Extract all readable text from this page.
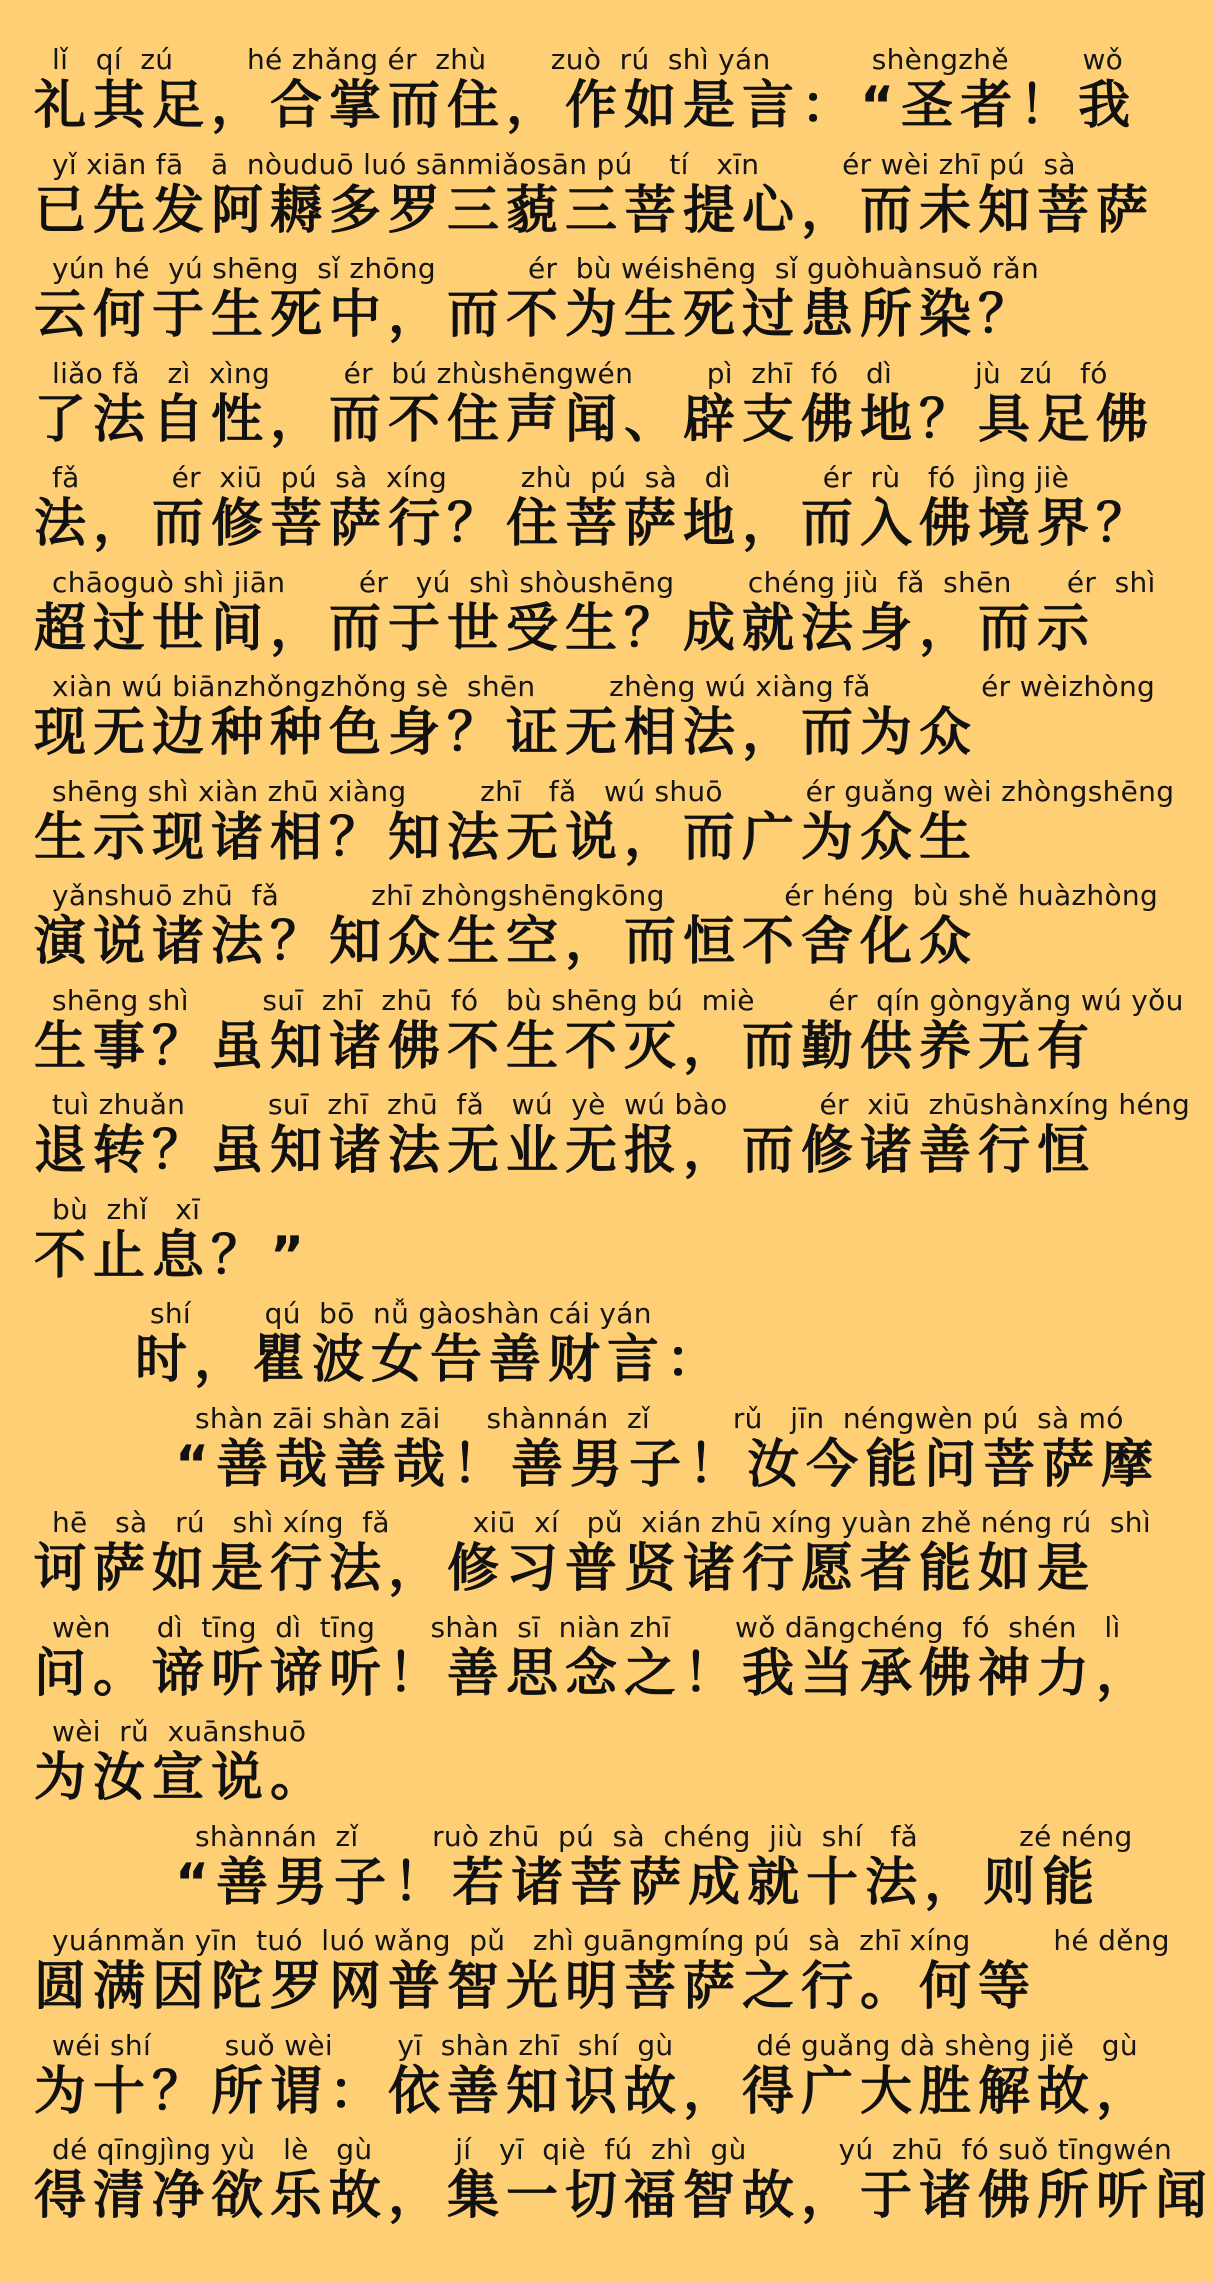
lǐ   qí  zú        hé zhǎng ér  zhù       zuò  rú  shì yán           shèngzhě        wǒ
礼其足，合掌而住，作如是言：“圣者！我
yǐ xiān fā   ā  nòuduō luó sānmiǎosān pú    tí   xīn         ér wèi zhī pú  sà
已先发阿耨多罗三藐三菩提心，而未知菩萨
yún hé  yú shēng  sǐ zhōng          ér  bù wéishēng  sǐ guòhuànsuǒ rǎn
云何于生死中，而不为生死过患所染？
liǎo fǎ   zì  xìng        ér  bú zhùshēngwén        pì  zhī  fó   dì         jù  zú   fó
了法自性，而不住声闻、辟支佛地？具足佛
fǎ          ér  xiū  pú  sà  xíng        zhù  pú  sà   dì          ér  rù   fó  jìng jiè
法，而修菩萨行？住菩萨地，而入佛境界？
chāoguò shì jiān        ér   yú  shì shòushēng        chéng jiù  fǎ  shēn      ér  shì
超过世间，而于世受生？成就法身，而示
xiàn wú biānzhǒngzhǒng sè  shēn        zhèng wú xiàng fǎ            ér wèizhòng
现无边种种色身？证无相法，而为众
shēng shì xiàn zhū xiàng        zhī   fǎ   wú shuō         ér guǎng wèi zhòngshēng
生示现诸相？知法无说，而广为众生
yǎnshuō zhū  fǎ          zhī zhòngshēngkōng             ér héng  bù shě huàzhòng
演说诸法？知众生空，而恒不舍化众
shēng shì        suī  zhī  zhū  fó   bù shēng bú  miè        ér  qín gòngyǎng wú yǒu
生事？虽知诸佛不生不灭，而勤供养无有
tuì zhuǎn         suī  zhī  zhū  fǎ   wú  yè  wú bào          ér  xiū  zhūshànxíng héng
退转？虽知诸法无业无报，而修诸善行恒
bù  zhǐ   xī
不止息？”
shí        qú  bō  nǚ gàoshàn cái yán
时，瞿波女告善财言：
shàn zāi shàn zāi     shànnán  zǐ         rǔ   jīn  néngwèn pú  sà mó
“善哉善哉！善男子！汝今能问菩萨摩
hē   sà   rú   shì xíng  fǎ         xiū  xí   pǔ  xián zhū xíng yuàn zhě néng rú  shì
诃萨如是行法，修习普贤诸行愿者能如是
wèn     dì  tīng  dì  tīng      shàn  sī  niàn zhī       wǒ dāngchéng  fó  shén   lì
问。谛听谛听！善思念之！我当承佛神力，
wèi  rǔ  xuānshuō
为汝宣说。
shànnán  zǐ        ruò zhū  pú  sà  chéng  jiù  shí   fǎ           zé néng
“善男子！若诸菩萨成就十法，则能
yuánmǎn yīn  tuó  luó wǎng  pǔ   zhì guāngmíng pú  sà  zhī xíng         hé děng
圆满因陀罗网普智光明菩萨之行。何等
wéi shí        suǒ wèi       yī  shàn zhī  shí  gù         dé guǎng dà shèng jiě   gù
为十？所谓：依善知识故，得广大胜解故，
dé qīngjìng yù   lè   gù         jí   yī  qiè  fú  zhì  gù          yú  zhū  fó suǒ tīngwén
得清净欲乐故，集一切福智故，于诸佛所听闻
